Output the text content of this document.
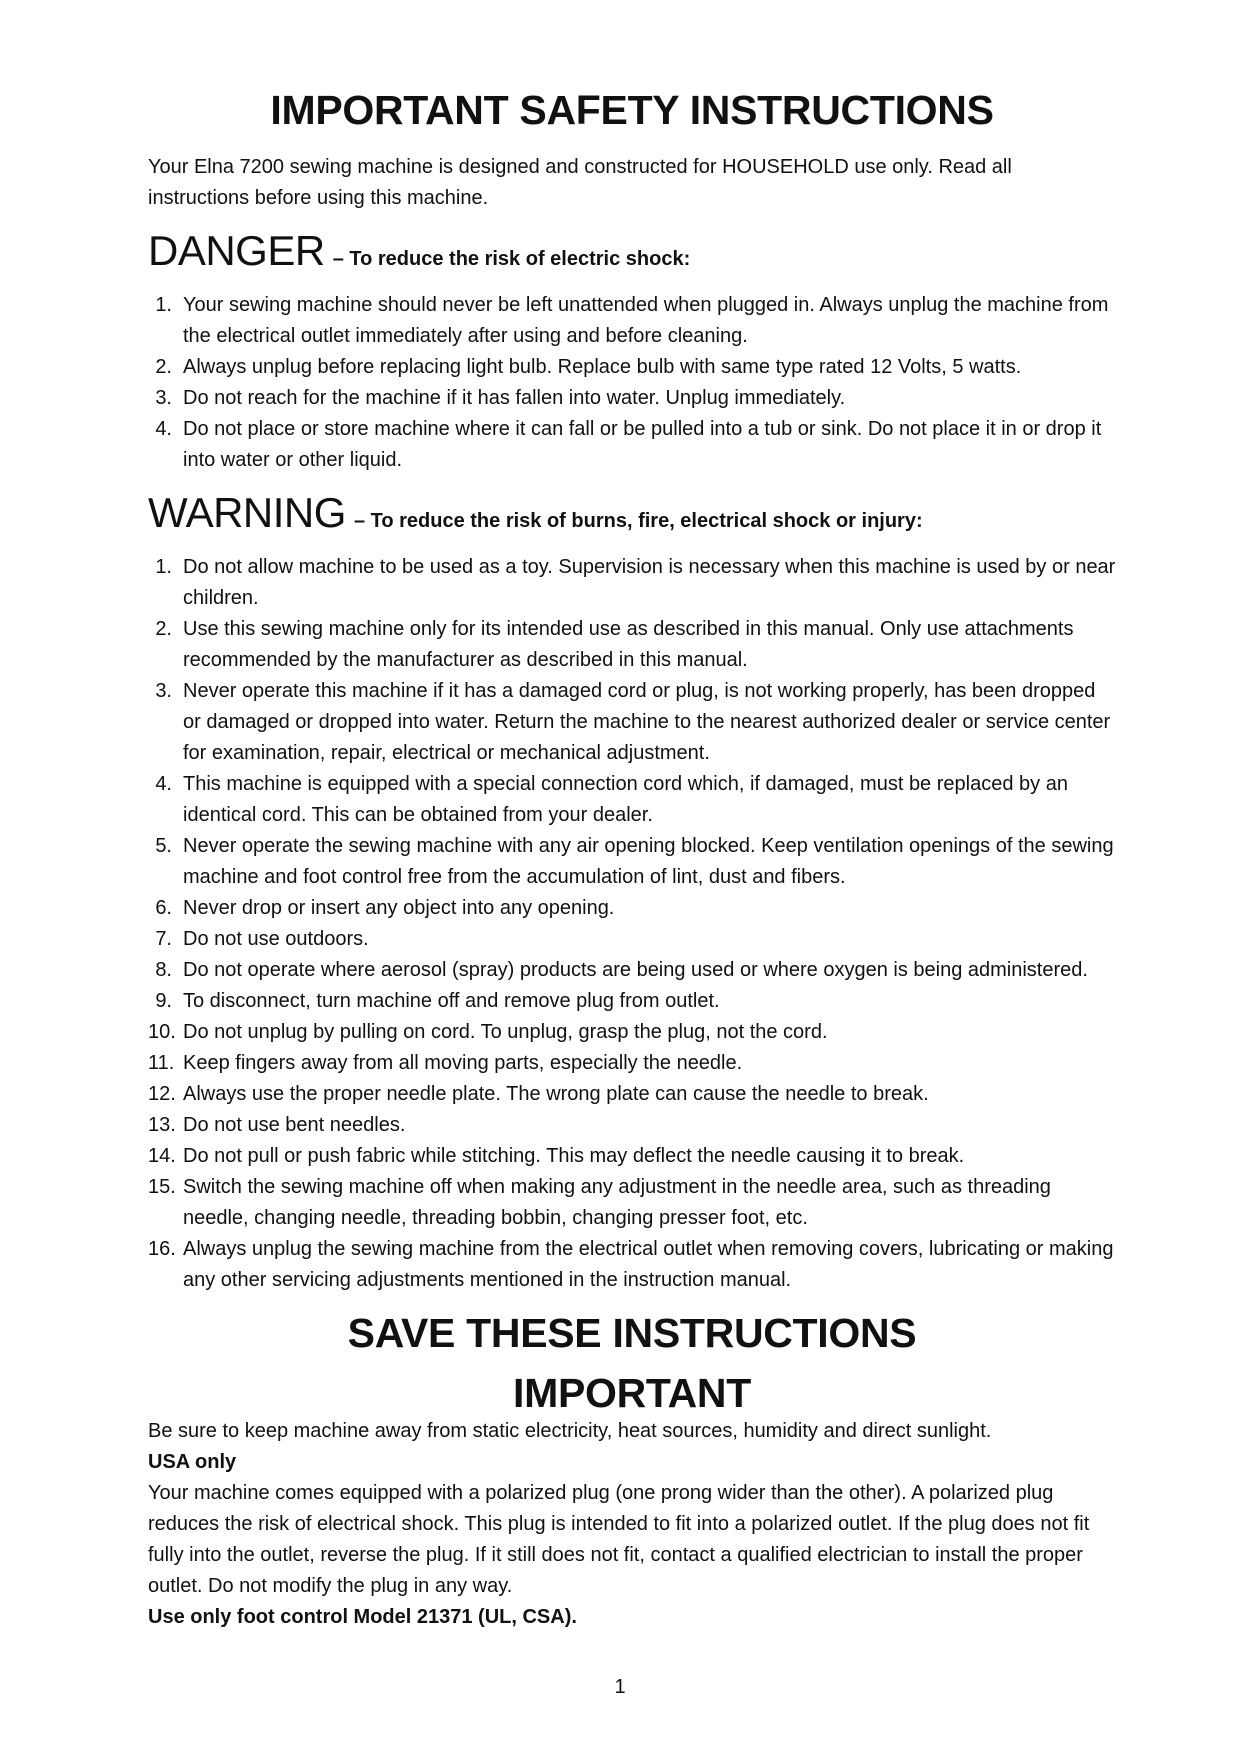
IMPORTANT SAFETY INSTRUCTIONS

Your Elna 7200 sewing machine is designed and constructed for HOUSEHOLD use only. Read all instructions before using this machine.

DANGER – To reduce the risk of electric shock:
1. Your sewing machine should never be left unattended when plugged in. Always unplug the machine from the electrical outlet immediately after using and before cleaning.
2. Always unplug before replacing light bulb. Replace bulb with same type rated 12 Volts, 5 watts.
3. Do not reach for the machine if it has fallen into water. Unplug immediately.
4. Do not place or store machine where it can fall or be pulled into a tub or sink. Do not place it in or drop it into water or other liquid.
WARNING – To reduce the risk of burns, fire, electrical shock or injury:
1. Do not allow machine to be used as a toy. Supervision is necessary when this machine is used by or near children.
2. Use this sewing machine only for its intended use as described in this manual. Only use attachments recommended by the manufacturer as described in this manual.
3. Never operate this machine if it has a damaged cord or plug, is not working properly, has been dropped or damaged or dropped into water. Return the machine to the nearest authorized dealer or service center for examination, repair, electrical or mechanical adjustment.
4. This machine is equipped with a special connection cord which, if damaged, must be replaced by an identical cord. This can be obtained from your dealer.
5. Never operate the sewing machine with any air opening blocked. Keep ventilation openings of the sewing machine and foot control free from the accumulation of lint, dust and fibers.
6. Never drop or insert any object into any opening.
7. Do not use outdoors.
8. Do not operate where aerosol (spray) products are being used or where oxygen is being administered.
9. To disconnect, turn machine off and remove plug from outlet.
10. Do not unplug by pulling on cord. To unplug, grasp the plug, not the cord.
11. Keep fingers away from all moving parts, especially the needle.
12. Always use the proper needle plate. The wrong plate can cause the needle to break.
13. Do not use bent needles.
14. Do not pull or push fabric while stitching. This may deflect the needle causing it to break.
15. Switch the sewing machine off when making any adjustment in the needle area, such as threading needle, changing needle, threading bobbin, changing presser foot, etc.
16. Always unplug the sewing machine from the electrical outlet when removing covers, lubricating or making any other servicing adjustments mentioned in the instruction manual.
SAVE THESE INSTRUCTIONS
IMPORTANT

Be sure to keep machine away from static electricity, heat sources, humidity and direct sunlight.

USA only

Your machine comes equipped with a polarized plug (one prong wider than the other). A polarized plug reduces the risk of electrical shock. This plug is intended to fit into a polarized outlet. If the plug does not fit fully into the outlet, reverse the plug. If it still does not fit, contact a qualified electrician to install the proper outlet. Do not modify the plug in any way.

Use only foot control Model 21371 (UL, CSA).

1
